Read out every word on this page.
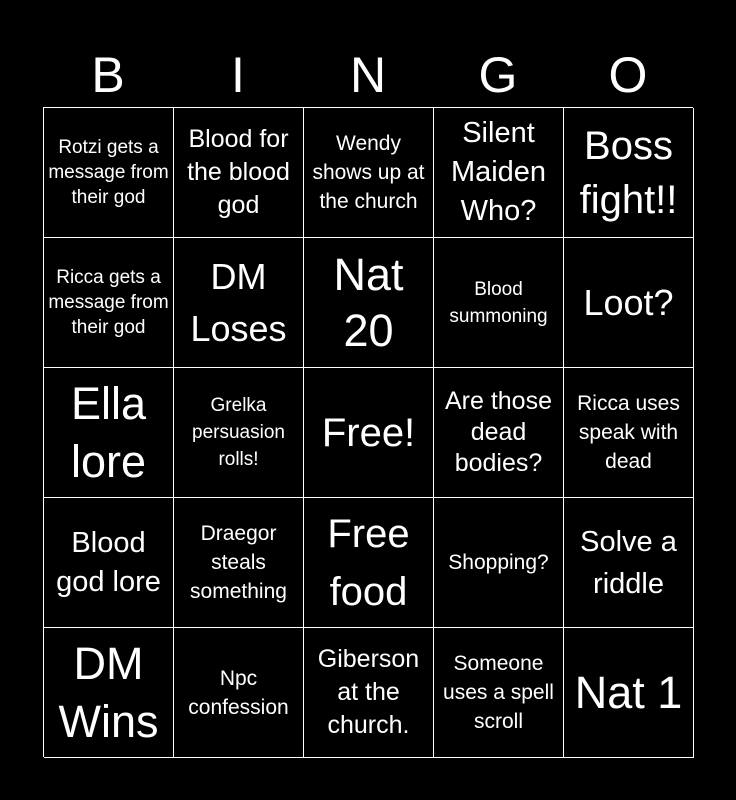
B	I	N	G	O
Rotzi gets a message from their god
Blood for the blood god
Wendy shows up at the church
Silent Maiden Who?
Boss fight!!
Ricca gets a message from their god
DM Loses
Nat 20
Blood summoning Loot?
Ella lore
Grelka persuasion rolls!
Free!
Are those dead bodies?
Ricca uses speak with dead
Blood god lore
Draegor steals something
Free food
Shopping?
Solve a riddle
DM Wins
Npc confession
Giberson at the church.
Someone uses a spell scroll
Nat 1
